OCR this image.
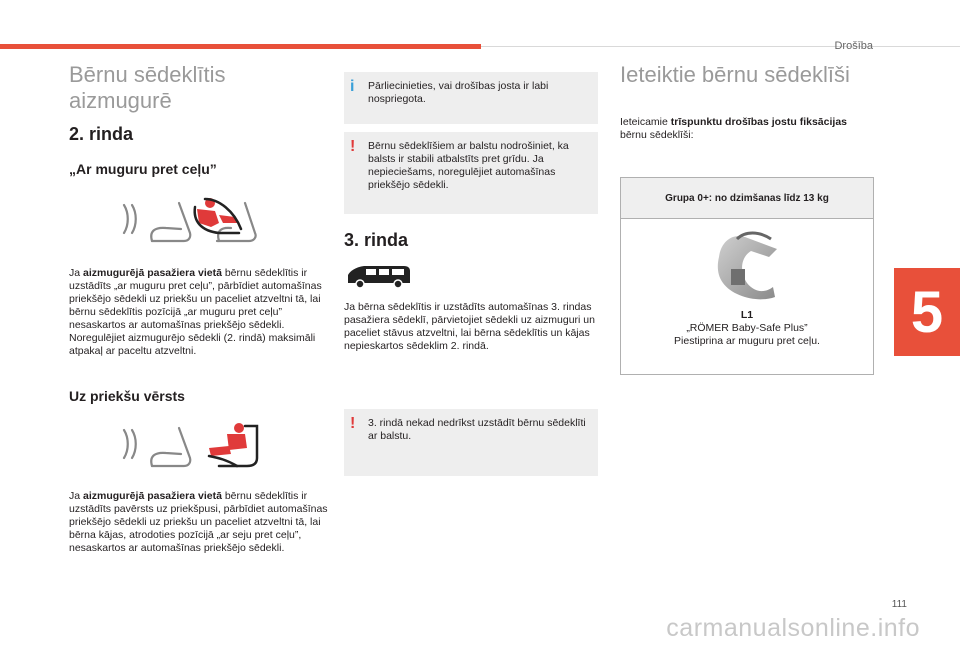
Drošība
5
Bērnu sēdeklītis aizmugurē
2. rinda
„Ar muguru pret ceļu”

Ja aizmugurējā pasažiera vietā bērnu sēdeklītis ir uzstādīts „ar muguru pret ceļu”, pārbīdiet automašīnas priekšējo sēdekli uz priekšu un paceliet atzveltni tā, lai bērnu sēdeklītis pozīcijā „ar muguru pret ceļu” nesaskartos ar automašīnas priekšējo sēdekli. Noregulējiet aizmugurējo sēdekli (2. rindā) maksimāli atpakaļ ar paceltu atzveltni.

Uz priekšu vērsts

Ja aizmugurējā pasažiera vietā bērnu sēdeklītis ir uzstādīts pavērsts uz priekšpusi, pārbīdiet automašīnas priekšējo sēdekli uz priekšu un paceliet atzveltni tā, lai bērna kājas, atrodoties pozīcijā „ar seju pret ceļu”, nesaskartos ar automašīnas priekšējo sēdekli.

i	Pārliecinieties, vai drošības josta ir labi nospriegota.
!	Bērnu sēdeklīšiem ar balstu nodrošiniet, ka balsts ir stabili atbalstīts pret grīdu. Ja nepieciešams, noregulējiet automašīnas priekšējo sēdekli.
3. rinda

Ja bērna sēdeklītis ir uzstādīts automašīnas 3. rindas pasažiera sēdeklī, pārvietojiet sēdekli uz aizmuguri un paceliet stāvus atzveltni, lai bērna sēdeklītis un kājas nepieskartos sēdeklim 2. rindā.

!	3. rindā nekad nedrīkst uzstādīt bērnu sēdeklīti ar balstu.
Ieteiktie bērnu sēdeklīši

Ieteicamie trīspunktu drošības jostu fiksācijas bērnu sēdeklīši:

Grupa 0+: no dzimšanas līdz 13 kg
L1
„RÖMER Baby-Safe Plus”
Piestiprina ar muguru pret ceļu.
111
carmanualsonline.info
